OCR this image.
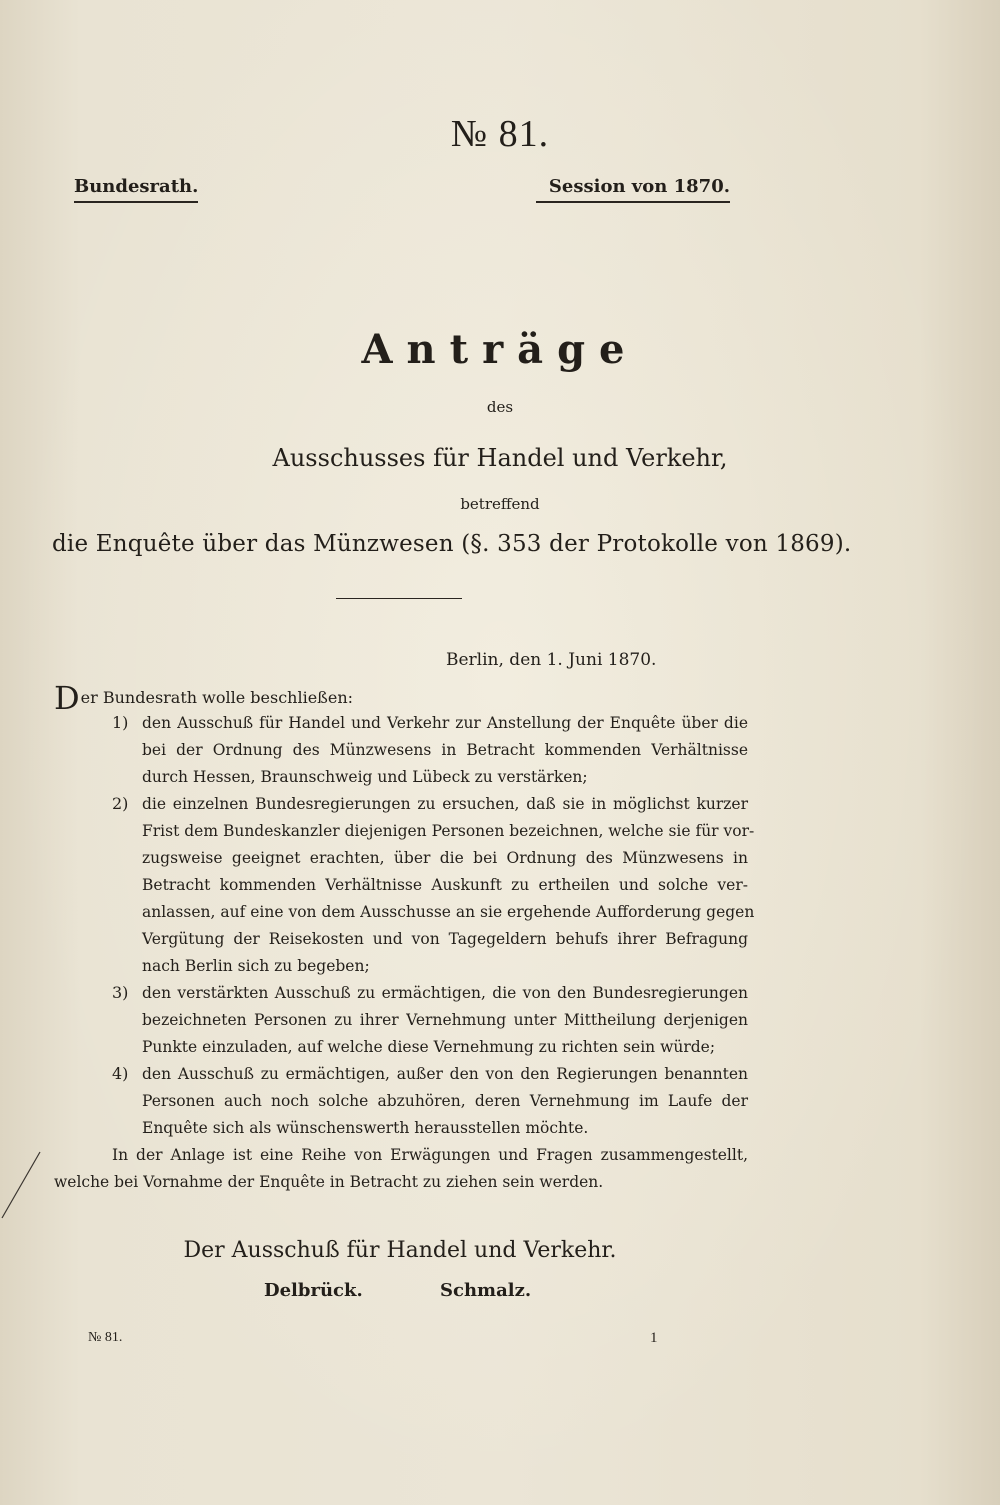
№ 81.
Bundesrath.	Session von 1870.
Anträge
des
Ausschusses für Handel und Verkehr,
betreffend
die Enquête über das Münzwesen (§. 353 der Protokolle von 1869).
Berlin, den 1. Juni 1870.
Der Bundesrath wolle beschließen:
1) den Ausschuß für Handel und Verkehr zur Anstellung der Enquête über die
bei der Ordnung des Münzwesens in Betracht kommenden Verhältnisse
durch Hessen, Braunschweig und Lübeck zu verstärken;
2) die einzelnen Bundesregierungen zu ersuchen, daß sie in möglichst kurzer
Frist dem Bundeskanzler diejenigen Personen bezeichnen, welche sie für vor-
zugsweise geeignet erachten, über die bei Ordnung des Münzwesens in
Betracht kommenden Verhältnisse Auskunft zu ertheilen und solche ver-
anlassen, auf eine von dem Ausschusse an sie ergehende Aufforderung gegen
Vergütung der Reisekosten und von Tagegeldern behufs ihrer Befragung
nach Berlin sich zu begeben;
3) den verstärkten Ausschuß zu ermächtigen, die von den Bundesregierungen
bezeichneten Personen zu ihrer Vernehmung unter Mittheilung derjenigen
Punkte einzuladen, auf welche diese Vernehmung zu richten sein würde;
4) den Ausschuß zu ermächtigen, außer den von den Regierungen benannten
Personen auch noch solche abzuhören, deren Vernehmung im Laufe der
Enquête sich als wünschenswerth herausstellen möchte.
In der Anlage ist eine Reihe von Erwägungen und Fragen zusammengestellt,
welche bei Vornahme der Enquête in Betracht zu ziehen sein werden.
Der Ausschuß für Handel und Verkehr.
Delbrück.	Schmalz.
№ 81.	1
